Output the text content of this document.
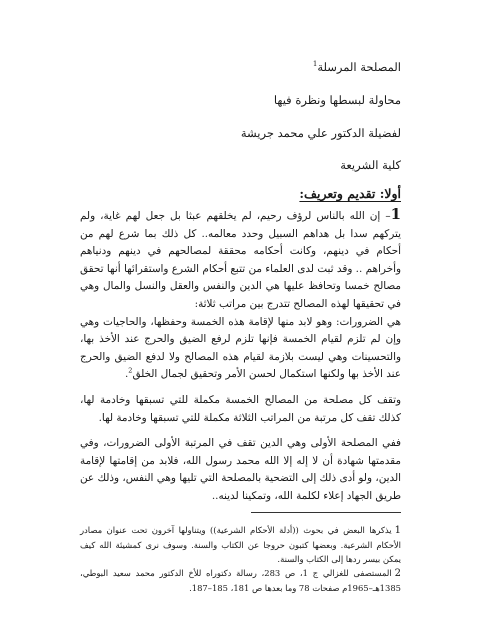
المصلحة المرسلة$^1$
محاولة لبسطها ونظرة فيها
لفضيلة الدكتور علي محمد جريشة
كلية الشريعة
أولا: تقديم وتعريف:

1– إن الله بالناس لرؤف رحيم، لم يخلقهم عبثا بل جعل لهم غاية، ولم يتركهم سدا بل هداهم السبيل وحدد معالمه.. كل ذلك بما شرع لهم من أحكام في دينهم، وكانت أحكامه محققة لمصالحهم في دينهم ودنياهم وأخراهم .. وقد ثبت لدى العلماء من تتبع أحكام الشرع واستقرائها أنها تحقق مصالح خمسا وتحافظ عليها هي الدين والنفس والعقل والنسل والمال وهي في تحقيقها لهذه المصالح تتدرج بين مراتب ثلاثة:

هي الضرورات: وهو لابد منها لإقامة هذه الخمسة وحفظها، والحاجيات وهي وإن لم تلزم لقيام الخمسة فإنها تلزم لرفع الضيق والحرج عند الأخذ بها، والتحسينات وهي ليست بلازمة لقيام هذه المصالح ولا لدفع الضيق والحرج عند الأخذ بها ولكنها استكمال لحسن الأمر وتحقيق لجمال الخلق$^2$.

وتقف كل مصلحة من المصالح الخمسة مكملة للتي تسبقها وخادمة لها، كذلك تقف كل مرتبة من المراتب الثلاثة مكملة للتي تسبقها وخادمة لها.

ففي المصلحة الأولى وهي الدين تقف في المرتبة الأولى الضرورات، وفي مقدمتها شهادة أن لا إله إلا الله محمد رسول الله، فلابد من إقامتها لإقامة الدين، ولو أدى ذلك إلى التضحية بالمصلحة التي تليها وهي النفس، وذلك عن طريق الجهاد إعلاء لكلمة الله، وتمكينا لدينه..

1يذكرها البعض في بحوث ((أدلة الأحكام الشرعية)) ويتناولها آخرون تحت عنوان مصادر الأحكام الشرعية. وبعضها كتبون حروجا عن الكتاب والسنة. وسوف نرى كمشيئة الله كيف يمكن بيسر ردها إلى الكتاب والسنة.

2المستصفى للغزالي ج 1، ص 283، رسالة دكتوراه للأخ الدكتور محمد سعيد البوطي، 1385هـ–1965م صفحات 78 وما بعدها ص 181، 185–187.
